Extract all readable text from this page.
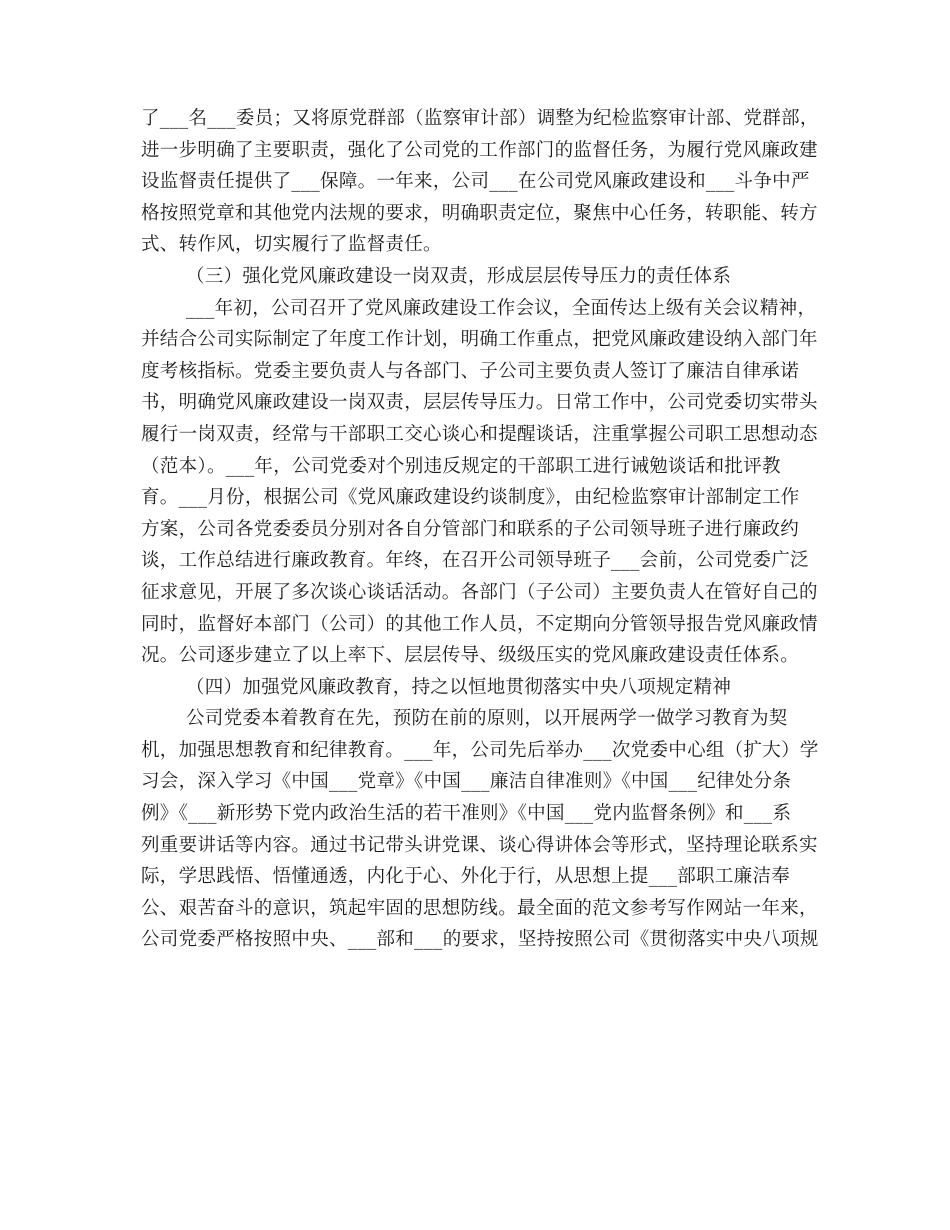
了___名___委员；又将原党群部（监察审计部）调整为纪检监察审计部、党群部，
进一步明确了主要职责，强化了公司党的工作部门的监督任务，为履行党风廉政建
设监督责任提供了___保障。一年来，公司___在公司党风廉政建设和___斗争中严
格按照党章和其他党内法规的要求，明确职责定位，聚焦中心任务，转职能、转方
式、转作风，切实履行了监督责任。
（三）强化党风廉政建设一岗双责，形成层层传导压力的责任体系
___年初，公司召开了党风廉政建设工作会议，全面传达上级有关会议精神，
并结合公司实际制定了年度工作计划，明确工作重点，把党风廉政建设纳入部门年
度考核指标。党委主要负责人与各部门、子公司主要负责人签订了廉洁自律承诺
书，明确党风廉政建设一岗双责，层层传导压力。日常工作中，公司党委切实带头
履行一岗双责，经常与干部职工交心谈心和提醒谈话，注重掌握公司职工思想动态
（范本）。___年，公司党委对个别违反规定的干部职工进行诫勉谈话和批评教
育。___月份，根据公司《党风廉政建设约谈制度》，由纪检监察审计部制定工作
方案，公司各党委委员分别对各自分管部门和联系的子公司领导班子进行廉政约
谈，工作总结进行廉政教育。年终，在召开公司领导班子___会前，公司党委广泛
征求意见，开展了多次谈心谈话活动。各部门（子公司）主要负责人在管好自己的
同时，监督好本部门（公司）的其他工作人员，不定期向分管领导报告党风廉政情
况。公司逐步建立了以上率下、层层传导、级级压实的党风廉政建设责任体系。
（四）加强党风廉政教育，持之以恒地贯彻落实中央八项规定精神
公司党委本着教育在先，预防在前的原则，以开展两学一做学习教育为契
机，加强思想教育和纪律教育。___年，公司先后举办___次党委中心组（扩大）学
习会，深入学习《中国___党章》《中国___廉洁自律准则》《中国___纪律处分条
例》《___新形势下党内政治生活的若干准则》《中国___党内监督条例》和___系
列重要讲话等内容。通过书记带头讲党课、谈心得讲体会等形式，坚持理论联系实
际，学思践悟、悟懂通透，内化于心、外化于行，从思想上提___部职工廉洁奉
公、艰苦奋斗的意识，筑起牢固的思想防线。最全面的范文参考写作网站一年来，
公司党委严格按照中央、___部和___的要求，坚持按照公司《贯彻落实中央八项规
